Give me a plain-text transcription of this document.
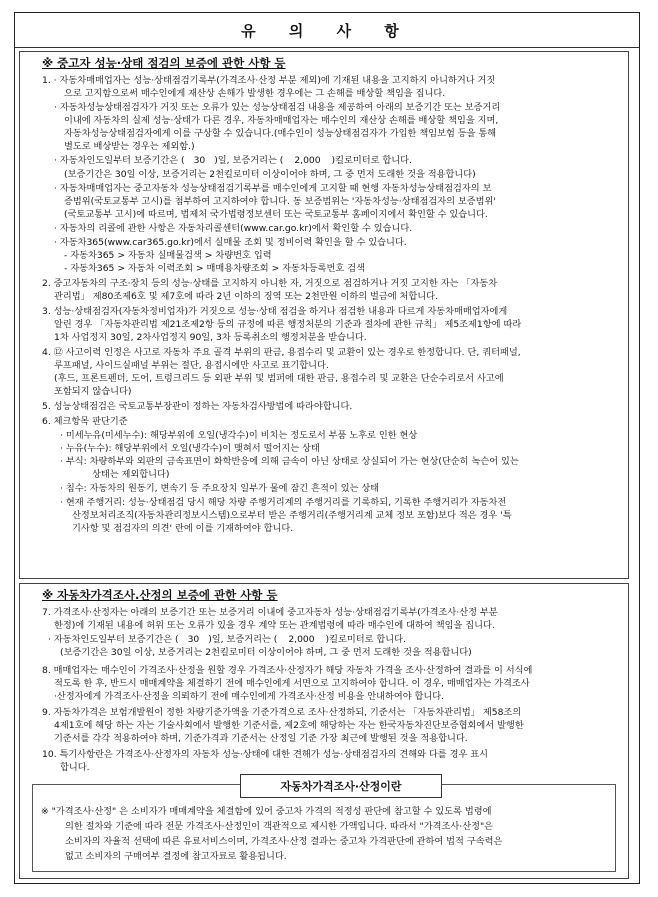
유 의 사 항
※ 중고자 성능·상태 점검의 보증에 관한 사항 등
1. · 자동차매매업자는 성능·상태점검기록부(가격조사·산정 부분 제외)에 기재된 내용을 고지하지 아니하거나 거짓
으로 고지함으로써 매수인에게 재산상 손해가 발생한 경우에는 그 손해를 배상할 책임을 집니다.
· 자동차성능상태점검자가 거짓 또는 오류가 있는 성능상태점검 내용을 제공하여 아래의 보증기간 또는 보증거리
이내에 자동차의 실제 성능·상태가 다른 경우, 자동차매매업자는 매수인의 재산상 손해를 배상할 책임을 지며,
자동차성능상태점검자에게 이를 구상할 수 있습니다.(매수인이 성능상태점검자가 가입한 책임보험 등을 통해
별도로 배상받는 경우는 제외함.)
· 자동차인도일부터 보증기간은 ( 30 )일, 보증거리는 ( 2,000 )킬로미터로 합니다.
(보증기간은 30일 이상, 보증거리는 2천킬로미터 이상이어야 하며, 그 중 먼저 도래한 것을 적용합니다)
· 자동차매매업자는 중고자동차 성능상태점검기록부를 매수인에게 고지할 때 현행 자동차성능상태점검자의 보
증범위(국토교통부 고시)를 첨부하여 고지하여야 합니다. 동 보증범위는 '자동차성능·상태점검자의 보증범위'
(국토교통부 고시)에 따르며, 법제처 국가법령정보센터 또는 국토교통부 홈페이지에서 확인할 수 있습니다.
· 자동차의 리콜에 관한 사항은 자동차리콜센터(www.car.go.kr)에서 확인할 수 있습니다.
· 자동차365(www.car365.go.kr)에서 실매물 조회 및 정비이력 확인을 할 수 있습니다.
- 자동차365 > 자동차 실매물검색 > 차량번호 입력
- 자동차365 > 자동차 이력조회 > 매매용차량조회 > 자동차등록번호 검색
2. 중고자동차의 구조·장치 등의 성능·상태를 고지하지 아니한 자, 거짓으로 점검하거나 거짓 고지한 자는 「자동차
관리법」 제80조제6호 및 제7호에 따라 2년 이하의 징역 또는 2천만원 이하의 벌금에 처합니다.
3. 성능·상태점검자(자동차정비업자)가 거짓으로 성능·상태 점검을 하거나 점검한 내용과 다르게 자동차매매업자에게
알린 경우 「자동차관리법 제21조제2항 등의 규정에 따른 행정처분의 기준과 절차에 관한 규칙」 제5조제1항에 따라
1차 사업정지 30일, 2차사업정지 90일, 3차 등록취소의 행정처분을 받습니다.
4. ⑫ 사고이력 인정은 사고로 자동차 주요 골격 부위의 판금, 용접수리 및 교환이 있는 경우로 한정합니다. 단, 쿼터패널,
루프패널, 사이드실패널 부위는 절단, 용접시에만 사고로 표기합니다.
(후드, 프론트펜더, 도어, 트렁크리드 등 외판 부위 및 범퍼에 대한 판금, 용접수리 및 교환은 단순수리로서 사고에
포함되지 않습니다)
5. 성능상태점검은 국토교통부장관이 정하는 자동차검사방법에 따라야합니다.
6. 체크항목 판단기준
· 미세누유(미세누수): 해당부위에 오일(냉각수)이 비치는 정도로서 부품 노후로 인한 현상
· 누유(누수): 해당부위에서 오일(냉각수)이 맺혀서 떨어지는 상태
· 부식: 차량하부와 외판의 금속표면이 화학반응에 의해 금속이 아닌 상태로 상실되어 가는 현상(단순히 녹슨어 있는
상태는 제외합니다)
· 침수: 자동차의 원동기, 변속기 등 주요장치 일부가 물에 잠긴 흔적이 있는 상태
· 현재 주행거리: 성능·상태점검 당시 해당 차량 주행거리계의 주행거리를 기록하되, 기록한 주행거리가 자동차전
산정보처리조직(자동차관리정보시스템)으로부터 받은 주행거리(주행거리계 교체 정보 포함)보다 적은 경우 '특
기사항 및 점검자의 의견' 란에 이를 기재하여야 합니다.
※ 자동차가격조사.산정의 보증에 관한 사항 등
7. 가격조사·산정자는 아래의 보증기간 또는 보증거리 이내에 중고자동차 성능·상태점검기록부(가격조사·산정 부분
한정)에 기재된 내용에 허위 또는 오류가 있을 경우 계약 또는 관계법령에 따라 매수인에 대하여 책임을 집니다.
· 자동차인도일부터 보증기간은 ( 30 )일, 보증거리는 ( 2,000 )킬로미터로 합니다.
(보증기간은 30일 이상, 보증거리는 2천킬로미터 이상이어야 하며, 그 중 먼저 도래한 것을 적용합니다)
8. 매매업자는 매수인이 가격조사·산정을 원할 경우 가격조사·산정자가 해당 자동차 가격을 조사·산정하여 결과를 이 서식에
적도록 한 후, 반드시 매매계약을 체결하기 전에 매수인에게 서면으로 고지하여야 합니다. 이 경우, 매매업자는 가격조사
·산정자에게 가격조사·산정을 의뢰하기 전에 매수인에게 가격조사·산정 비용을 안내하여야 합니다.
9. 자동차가격은 보험개발원이 정한 차량기준가액을 기준가격으로 조사·산정하되, 기준서는 「자동차관리법」 제58조의
4제1호에 해당 하는 자는 기술사회에서 발행한 기준서를, 제2호에 해당하는 자는 한국자동차진단보증협회에서 발행한
기준서를 각각 적용하여야 하며, 기준가격과 기준서는 산정일 기준 가장 최근에 발행된 것을 적용합니다.
10. 특기사항란은 가격조사·산정자의 자동차 성능·상태에 대한 견해가 성능·상태점검자의 견해와 다를 경우 표시
합니다.
※ "가격조사·산정" 은 소비자가 매매계약을 체결함에 있어 중고차 가격의 적정성 판단에 참고할 수 있도록 법령에
의한 절차와 기준에 따라 전문 가격조사·산정인이 객관적으로 제시한 가액입니다. 따라서 "가격조사·산정"은
소비자의 자율적 선택에 따른 유료서비스이며, 가격조사·산정 결과는 중고차 가격판단에 관하여 법적 구속력은
없고 소비자의 구매여부 결정에 참고자료로 활용됩니다.
자동차가격조사·산정이란
